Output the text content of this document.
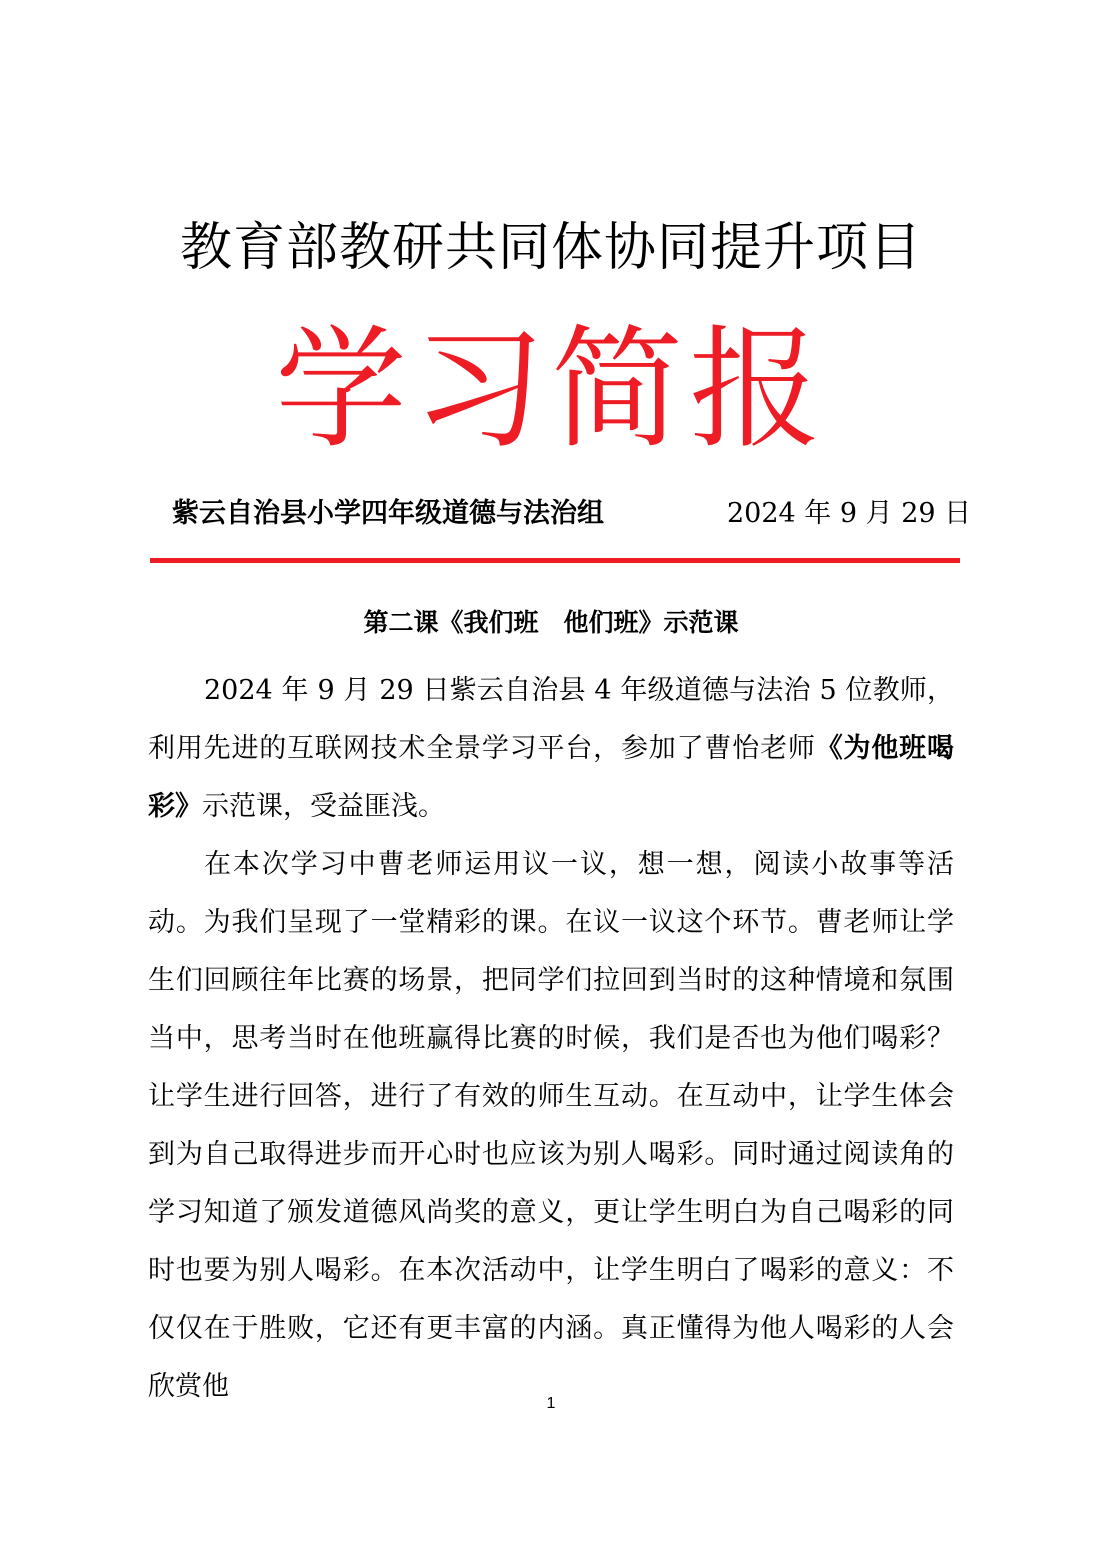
教育部教研共同体协同提升项目
学习简报
紫云自治县小学四年级道德与法治组	2024 年 9 月 29 日
第二课《我们班　他们班》示范课

2024 年 9 月 29 日紫云自治县 4 年级道德与法治 5 位教师，利用先进的互联网技术全景学习平台，参加了曹怡老师《为他班喝彩》示范课，受益匪浅。

在本次学习中曹老师运用议一议，想一想，阅读小故事等活动。为我们呈现了一堂精彩的课。在议一议这个环节。曹老师让学生们回顾往年比赛的场景，把同学们拉回到当时的这种情境和氛围当中，思考当时在他班赢得比赛的时候，我们是否也为他们喝彩？让学生进行回答，进行了有效的师生互动。在互动中，让学生体会到为自己取得进步而开心时也应该为别人喝彩。同时通过阅读角的学习知道了颁发道德风尚奖的意义，更让学生明白为自己喝彩的同时也要为别人喝彩。在本次活动中，让学生明白了喝彩的意义：不仅仅在于胜败，它还有更丰富的内涵。真正懂得为他人喝彩的人会欣赏他

1
